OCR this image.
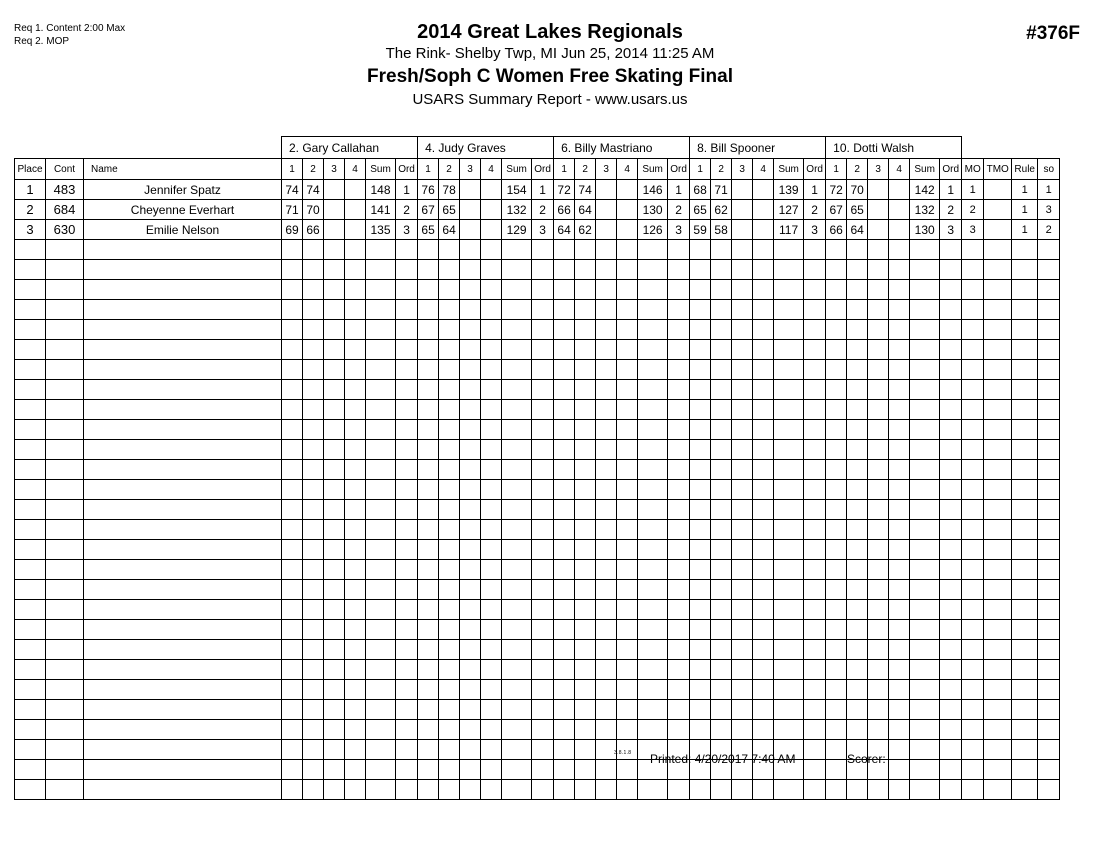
Req 1. Content 2:00 Max
Req 2. MOP	#376F
2014 Great Lakes Regionals
The Rink- Shelby Twp, MI Jun 25, 2014 11:25 AM
Fresh/Soph C Women Free Skating Final
USARS Summary Report - www.usars.us
			2. Gary Callahan						4. Judy Graves						6. Billy Mastriano						8. Bill Spooner						10. Dotti Walsh									
Place	Cont	Name	1	2	3	4	Sum	Ord	1	2	3	4	Sum	Ord	1	2	3	4	Sum	Ord	1	2	3	4	Sum	Ord	1	2	3	4	Sum	Ord	MO	TMO	Rule	so
1	483	Jennifer Spatz	74	74			148	1	76	78			154	1	72	74			146	1	68	71			139	1	72	70			142	1	1		1	1
2	684	Cheyenne Everhart	71	70			141	2	67	65			132	2	66	64			130	2	65	62			127	2	67	65			132	2	2		1	3
3	630	Emilie Nelson	69	66			135	3	65	64			129	3	64	62			126	3	59	58			117	3	66	64			130	3	3		1	2

3.8.1.8 Printed: 4/20/2017 7:40 AM	Scorer:
